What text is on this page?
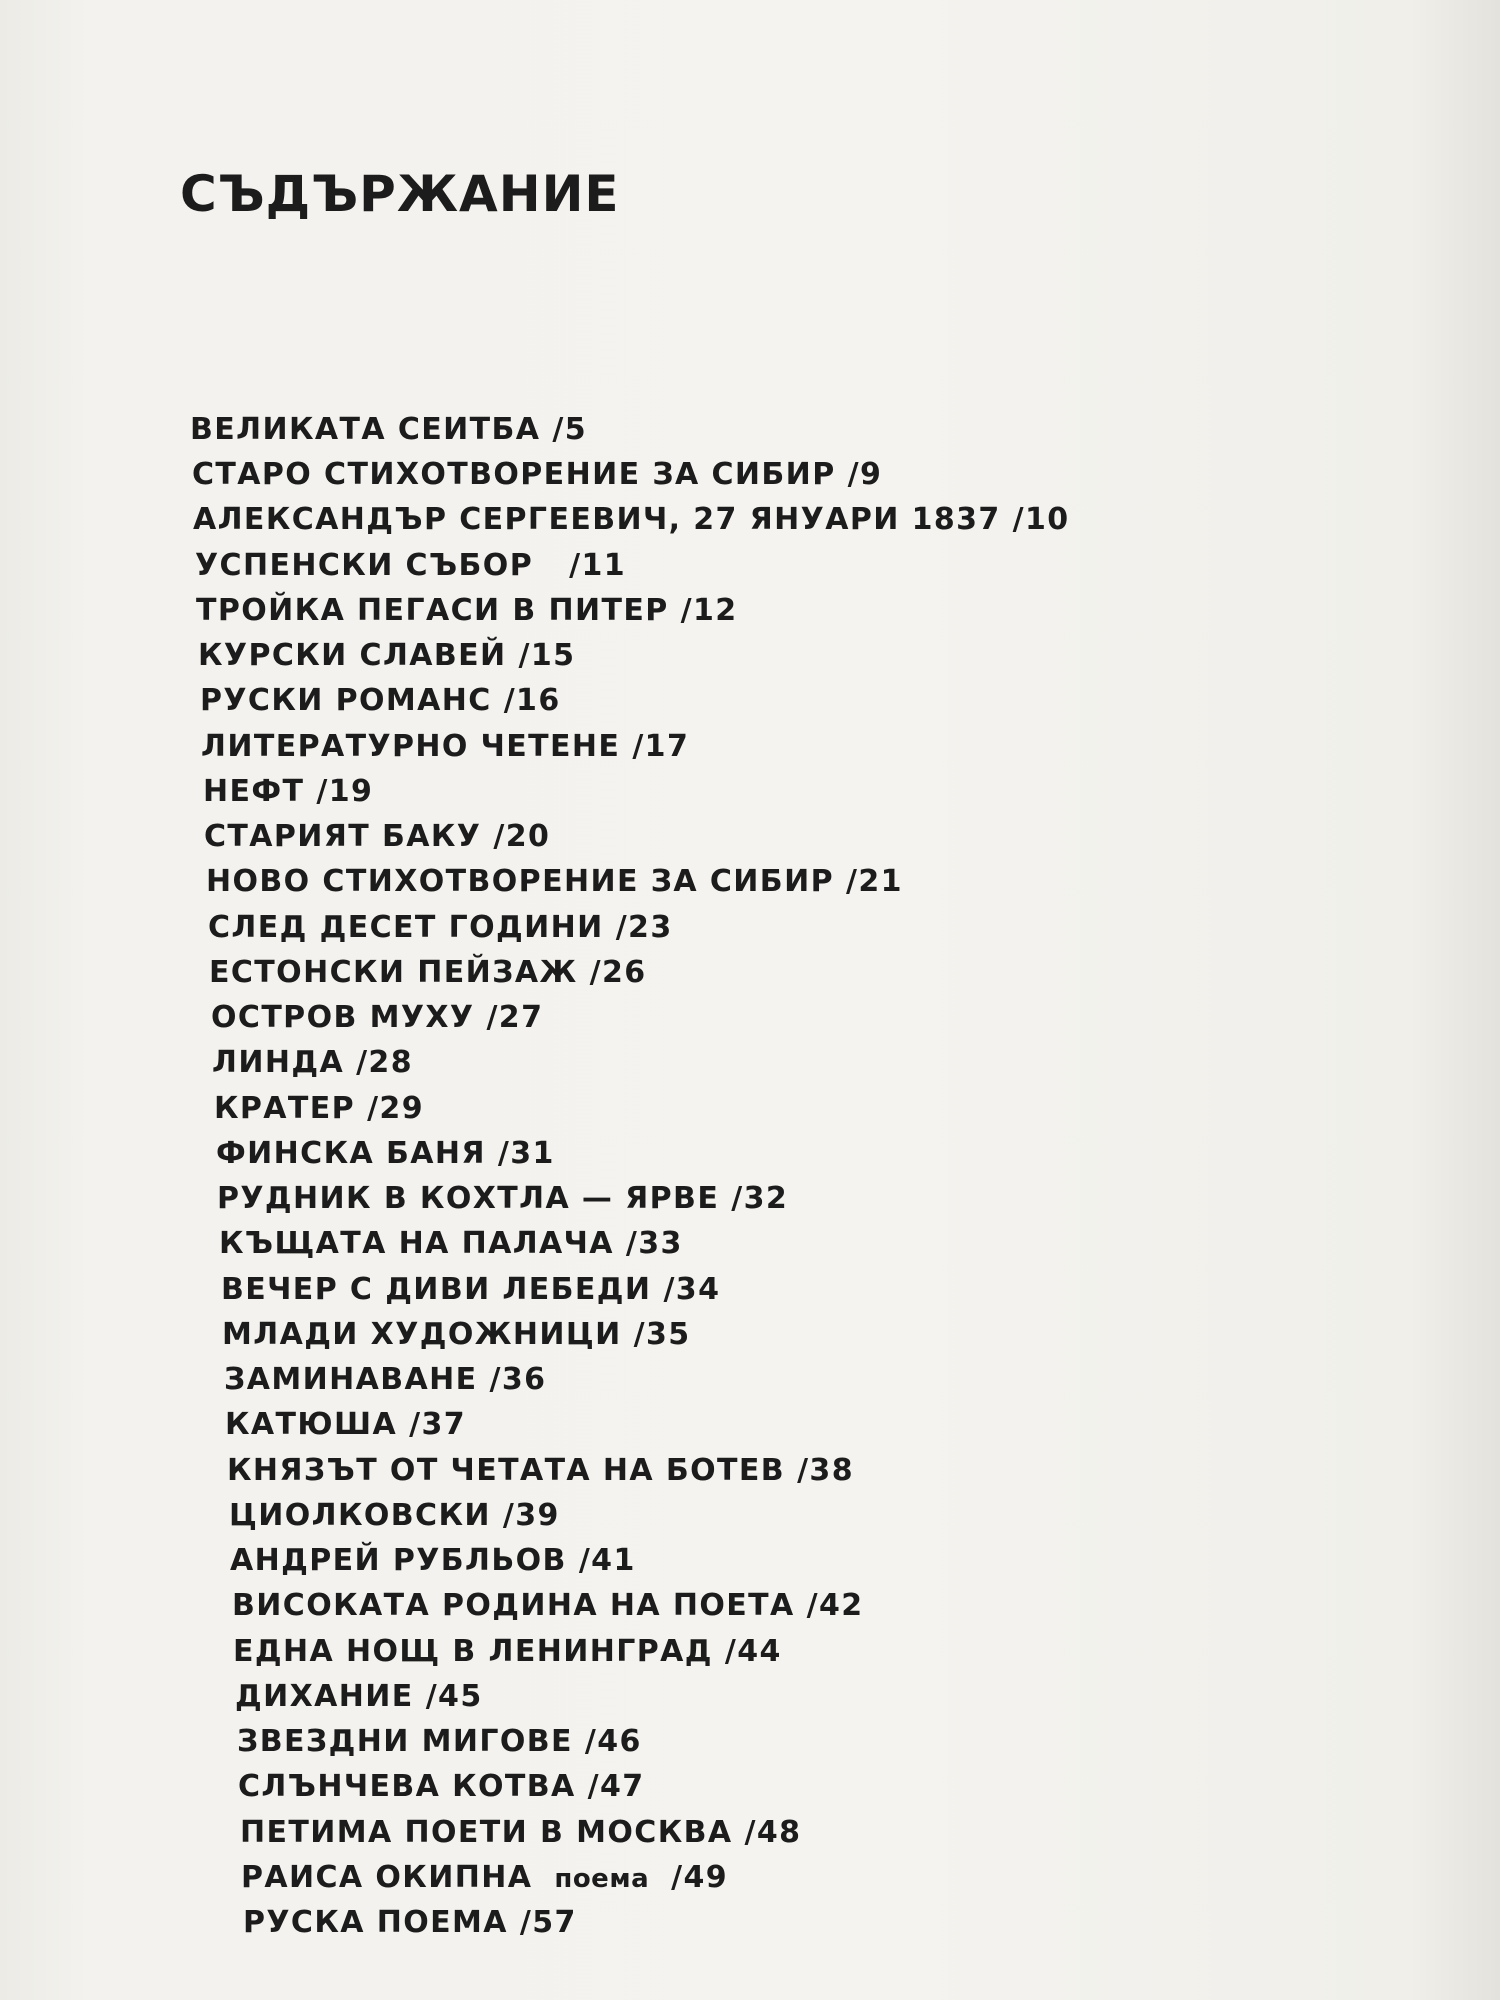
СЪДЪРЖАНИЕ
ВЕЛИКАТА СЕИТБА /5
СТАРО СТИХОТВОРЕНИЕ ЗА СИБИР /9
АЛЕКСАНДЪР СЕРГЕЕВИЧ, 27 ЯНУАРИ 1837 /10
УСПЕНСКИ СЪБОР /11
ТРОЙКА ПЕГАСИ В ПИТЕР /12
КУРСКИ СЛАВЕЙ /15
РУСКИ РОМАНС /16
ЛИТЕРАТУРНО ЧЕТЕНЕ /17
НЕФТ /19
СТАРИЯТ БАКУ /20
НОВО СТИХОТВОРЕНИЕ ЗА СИБИР /21
СЛЕД ДЕСЕТ ГОДИНИ /23
ЕСТОНСКИ ПЕЙЗАЖ /26
ОСТРОВ МУХУ /27
ЛИНДА /28
КРАТЕР /29
ФИНСКА БАНЯ /31
РУДНИК В КОХТЛА — ЯРВЕ /32
КЪЩАТА НА ПАЛАЧА /33
ВЕЧЕР С ДИВИ ЛЕБЕДИ /34
МЛАДИ ХУДОЖНИЦИ /35
ЗАМИНАВАНЕ /36
КАТЮША /37
КНЯЗЪТ ОТ ЧЕТАТА НА БОТЕВ /38
ЦИОЛКОВСКИ /39
АНДРЕЙ РУБЛЬОВ /41
ВИСОКАТА РОДИНА НА ПОЕТА /42
ЕДНА НОЩ В ЛЕНИНГРАД /44
ДИХАНИЕ /45
ЗВЕЗДНИ МИГОВЕ /46
СЛЪНЧЕВА КОТВА /47
ПЕТИМА ПОЕТИ В МОСКВА /48
РАИСА ОКИПНА поема /49
РУСКА ПОЕМА /57
